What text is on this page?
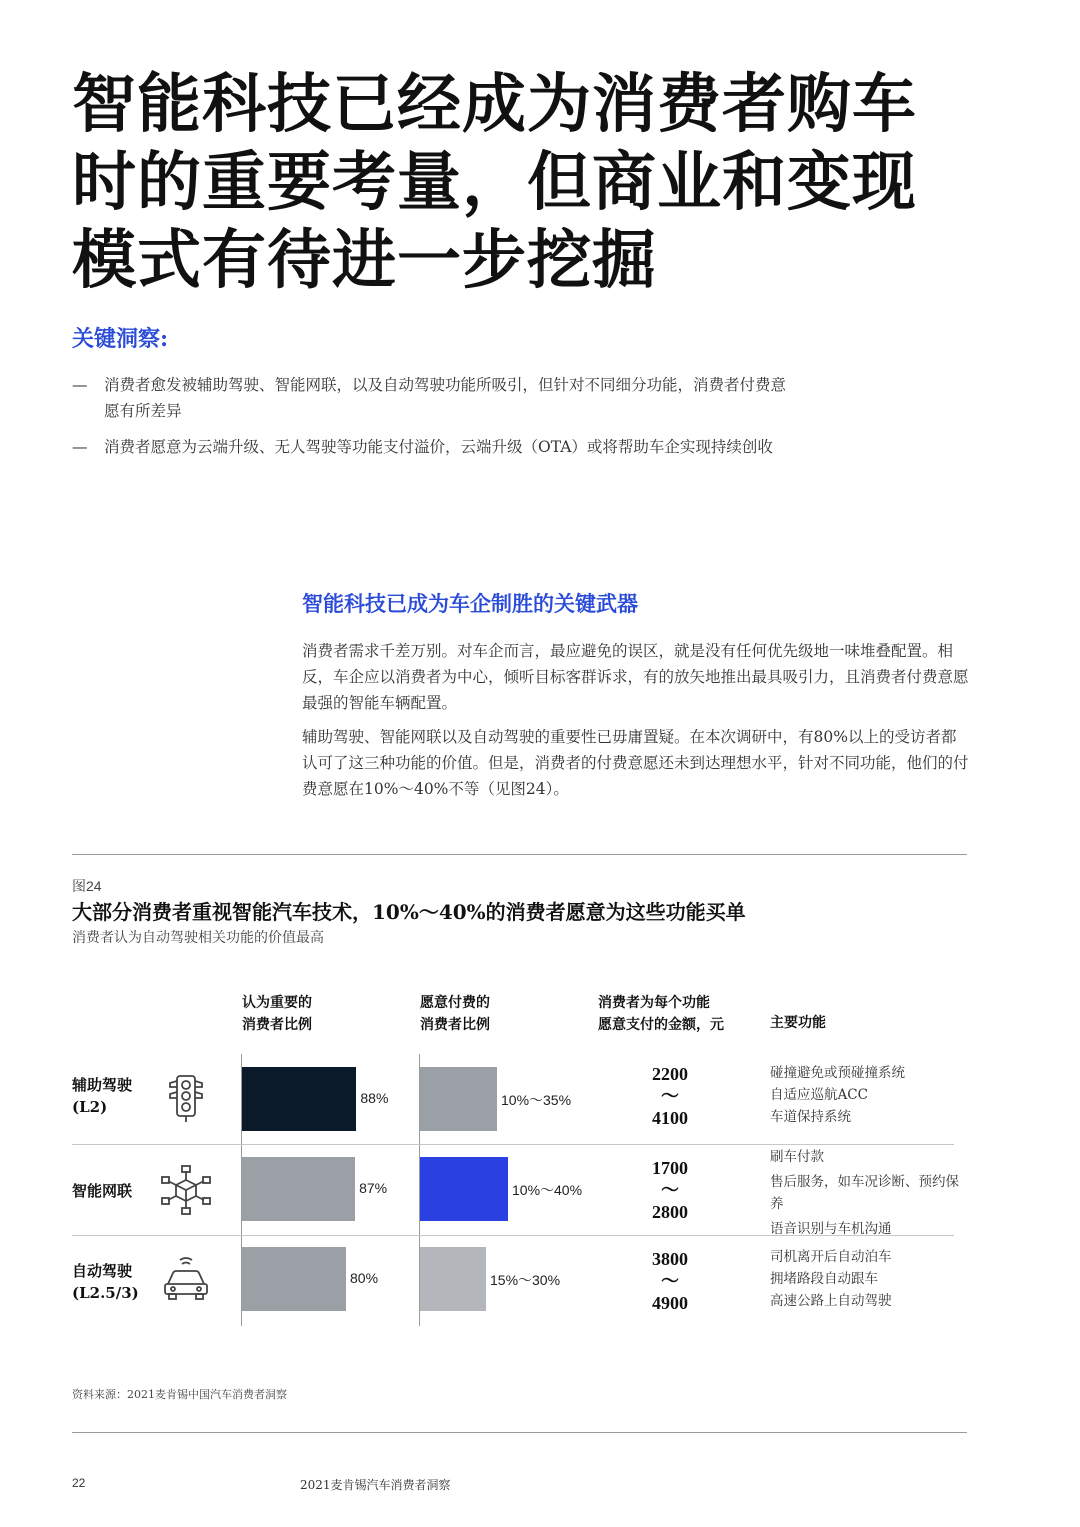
智能科技已经成为消费者购车
时的重要考量，但商业和变现
模式有待进一步挖掘
关键洞察:
— 消费者愈发被辅助驾驶、智能网联，以及自动驾驶功能所吸引，但针对不同细分功能，消费者付费意愿有所差异
— 消费者愿意为云端升级、无人驾驶等功能支付溢价，云端升级（OTA）或将帮助车企实现持续创收
智能科技已成为车企制胜的关键武器

消费者需求千差万别。对车企而言，最应避免的误区，就是没有任何优先级地一味堆叠配置。相反，车企应以消费者为中心，倾听目标客群诉求，有的放矢地推出最具吸引力，且消费者付费意愿最强的智能车辆配置。

辅助驾驶、智能网联以及自动驾驶的重要性已毋庸置疑。在本次调研中，有80%以上的受访者都认可了这三种功能的价值。但是，消费者的付费意愿还未到达理想水平，针对不同功能，他们的付费意愿在10%～40%不等（见图24）。

图24
大部分消费者重视智能汽车技术，10%～40%的消费者愿意为这些功能买单
消费者认为自动驾驶相关功能的价值最高
认为重要的
消费者比例
愿意付费的
消费者比例
消费者为每个功能
愿意支付的金额，元	主要功能
辅助驾驶
(L2)
智能网联
自动驾驶
(L2.5/3)
88%
87%
80%
10%～35%
10%～40%
15%～30%
2200
～
4100
1700
～
2800
3800
～
4900
碰撞避免或预碰撞系统
自适应巡航ACC
车道保持系统
刷车付款
售后服务，如车况诊断、预约保养
语音识别与车机沟通
司机离开后自动泊车
拥堵路段自动跟车
高速公路上自动驾驶
资料来源：2021麦肯锡中国汽车消费者洞察
22	2021麦肯锡汽车消费者洞察
